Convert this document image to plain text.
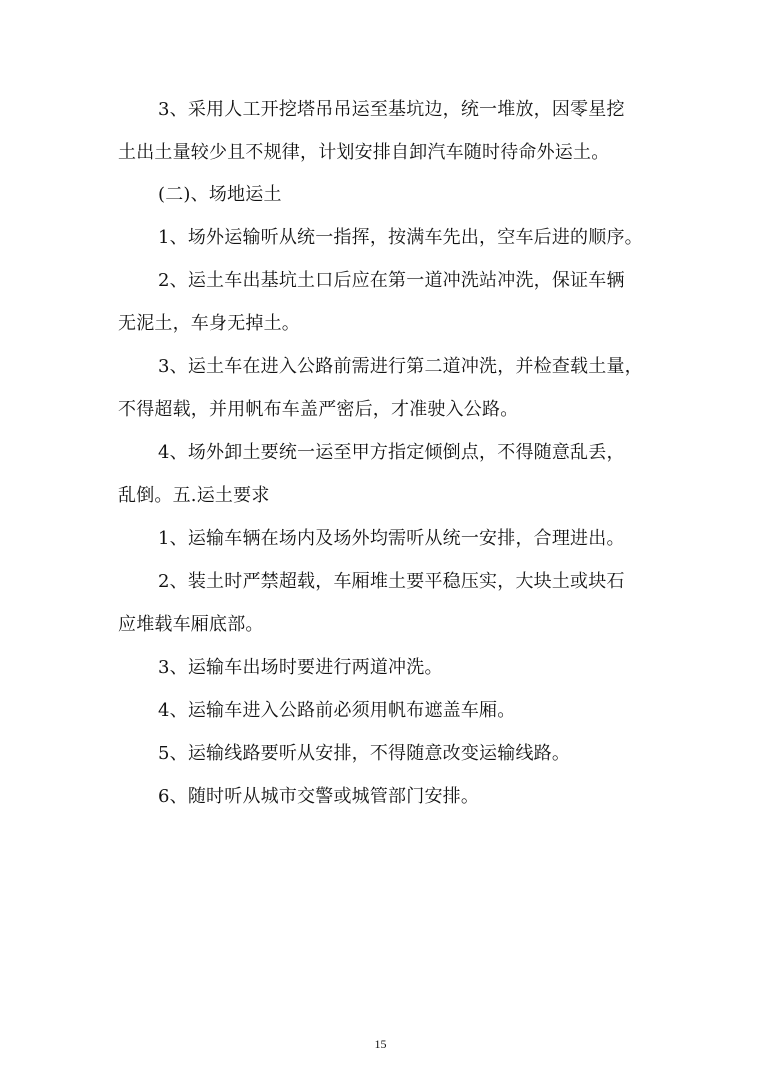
3、采用人工开挖塔吊吊运至基坑边，统一堆放，因零星挖
土出土量较少且不规律，计划安排自卸汽车随时待命外运土。
(二)、场地运土
1、场外运输听从统一指挥，按满车先出，空车后进的顺序。
2、运土车出基坑土口后应在第一道冲洗站冲洗，保证车辆
无泥土，车身无掉土。
3、运土车在进入公路前需进行第二道冲洗，并检查载土量，
不得超载，并用帆布车盖严密后，才准驶入公路。
4、场外卸土要统一运至甲方指定倾倒点，不得随意乱丢，
乱倒。五.运土要求
1、运输车辆在场内及场外均需听从统一安排，合理进出。
2、装土时严禁超载，车厢堆土要平稳压实，大块土或块石
应堆载车厢底部。
3、运输车出场时要进行两道冲洗。
4、运输车进入公路前必须用帆布遮盖车厢。
5、运输线路要听从安排，不得随意改变运输线路。
6、随时听从城市交警或城管部门安排。
15
